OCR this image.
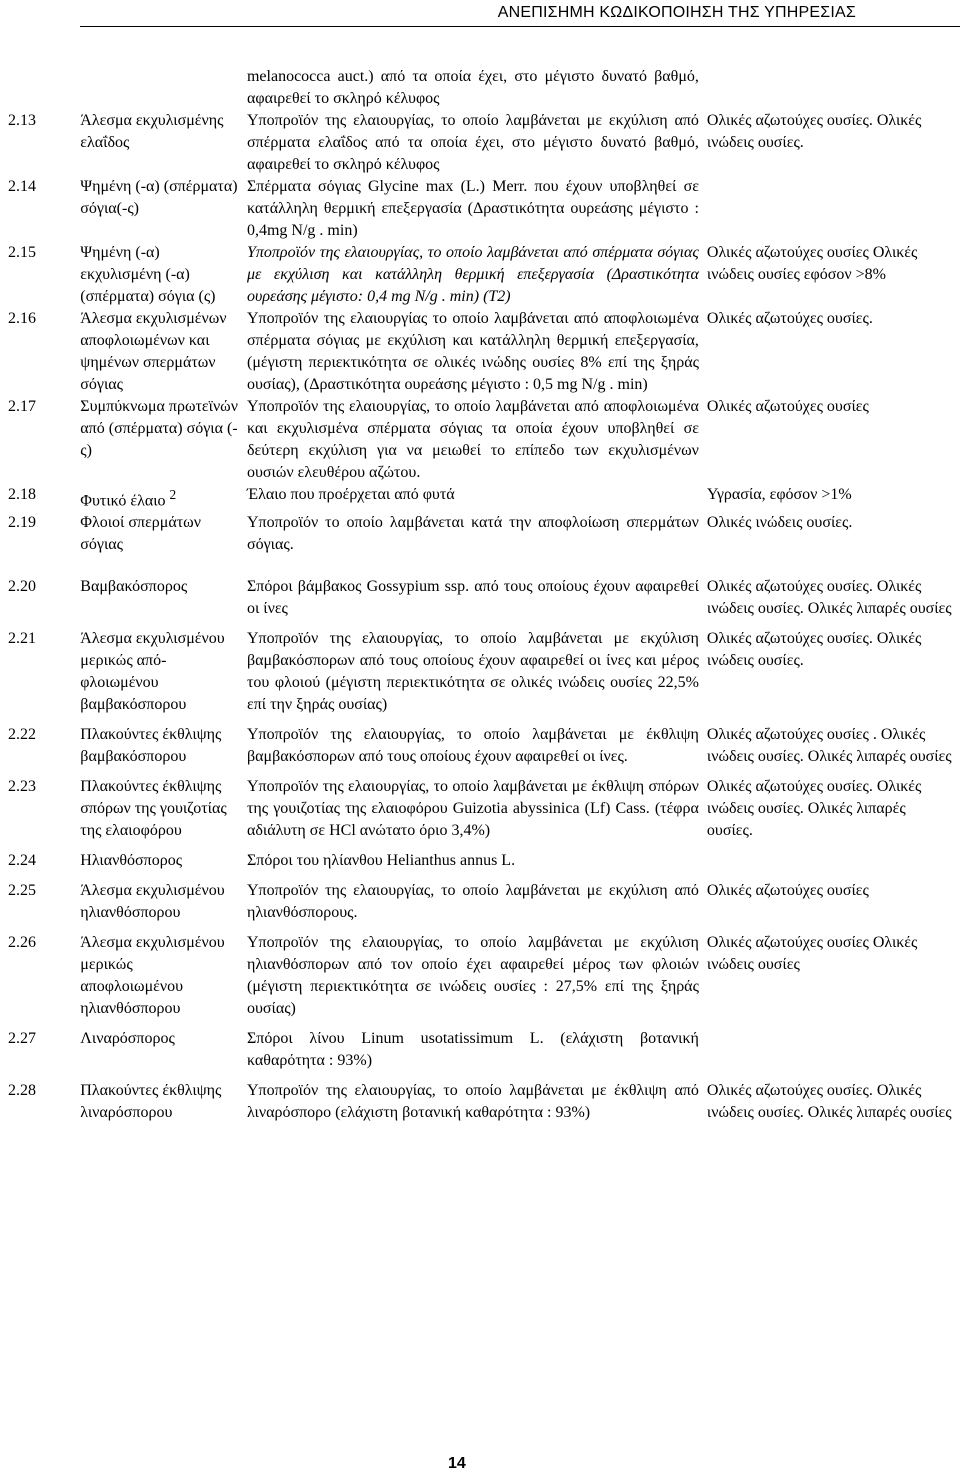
ΑΝΕΠΙΣΗΜΗ ΚΩΔΙΚΟΠΟΙΗΣΗ ΤΗΣ ΥΠΗΡΕΣΙΑΣ
		melanococca auct.) από τα οποία έχει, στο μέγιστο δυνατό βαθμό, αφαιρεθεί το σκληρό κέλυφος	
2.13	Άλεσμα εκχυλισμένης ελαΐδος	Υποπροϊόν της ελαιουργίας, το οποίο λαμβάνεται με εκχύλιση από σπέρματα ελαΐδος από τα οποία έχει, στο μέγιστο δυνατό βαθμό, αφαιρεθεί το σκληρό κέλυφος	Ολικές αζωτούχες ουσίες. Ολικές ινώδεις ουσίες.
2.14	Ψημένη (-α) (σπέρματα) σόγια(-ς)	Σπέρματα σόγιας Glycine max (L.) Merr. που έχουν υποβληθεί σε κατάλληλη θερμική επεξεργασία (Δραστικότητα ουρεάσης μέγιστο : 0,4mg N/g . min)	
2.15	Ψημένη (-α) εκχυλισμένη (-α) (σπέρματα) σόγια (ς)	Υποπροϊόν της ελαιουργίας, το οποίο λαμβάνεται από σπέρματα σόγιας με εκχύλιση και κατάλληλη θερμική επεξεργασία (Δραστικότητα ουρεάσης μέγιστο: 0,4 mg N/g . min) (Τ2)	Ολικές αζωτούχες ουσίες Ολικές ινώδεις ουσίες εφόσον >8%
2.16	Άλεσμα εκχυλισμένων αποφλοιωμένων και ψημένων σπερμάτων σόγιας	Υποπροϊόν της ελαιουργίας το οποίο λαμβάνεται από αποφλοιωμένα σπέρματα σόγιας με εκχύλιση και κατάλληλη θερμική επεξεργασία, (μέγιστη περιεκτικότητα σε ολικές ινώδης ουσίες 8% επί της ξηράς ουσίας), (Δραστικότητα ουρεάσης μέγιστο : 0,5 mg N/g . min)	Ολικές αζωτούχες ουσίες.
2.17	Συμπύκνωμα πρωτεϊνών από (σπέρματα) σόγια (-ς)	Υποπροϊόν της ελαιουργίας, το οποίο λαμβάνεται από αποφλοιωμένα και εκχυλισμένα σπέρματα σόγιας τα οποία έχουν υποβληθεί σε δεύτερη εκχύλιση για να μειωθεί το επίπεδο των εκχυλισμένων ουσιών ελευθέρου αζώτου.	Ολικές αζωτούχες ουσίες
2.18	Φυτικό έλαιο $^2$	Έλαιο που προέρχεται από φυτά	Υγρασία, εφόσον >1%
2.19	Φλοιοί σπερμάτων σόγιας	Υποπροϊόν το οποίο λαμβάνεται κατά την αποφλοίωση σπερμάτων σόγιας.	Ολικές ινώδεις ουσίες.

2.20	Βαμβακόσπορος	Σπόροι βάμβακος Gossypium ssp. από τους οποίους έχουν αφαιρεθεί οι ίνες	Ολικές αζωτούχες ουσίες. Ολικές ινώδεις ουσίες. Ολικές λιπαρές ουσίες
2.21	Άλεσμα εκχυλισμένου μερικώς από-φλοιωμένου βαμβακόσπορου	Υποπροϊόν της ελαιουργίας, το οποίο λαμβάνεται με εκχύλιση βαμβακόσπορων από τους οποίους έχουν αφαιρεθεί οι ίνες και μέρος του φλοιού (μέγιστη περιεκτικότητα σε ολικές ινώδεις ουσίες 22,5% επί την ξηράς ουσίας)	Ολικές αζωτούχες ουσίες. Ολικές ινώδεις ουσίες.
2.22	Πλακούντες έκθλιψης βαμβακόσπορου	Υποπροϊόν της ελαιουργίας, το οποίο λαμβάνεται με έκθλιψη βαμβακόσπορων από τους οποίους έχουν αφαιρεθεί οι ίνες.	Ολικές αζωτούχες ουσίες . Ολικές ινώδεις ουσίες. Ολικές λιπαρές ουσίες
2.23	Πλακούντες έκθλιψης σπόρων της γουιζοτίας της ελαιοφόρου	Υποπροϊόν της ελαιουργίας, το οποίο λαμβάνεται με έκθλιψη σπόρων της γουιζοτίας της ελαιοφόρου Guizotia abyssinica (Lf) Cass. (τέφρα αδιάλυτη σε HCl ανώτατο όριο 3,4%)	Ολικές αζωτούχες ουσίες. Ολικές ινώδεις ουσίες. Ολικές λιπαρές ουσίες.
2.24	Ηλιανθόσπορος	Σπόροι του ηλίανθου Helianthus annus L.	
2.25	Άλεσμα εκχυλισμένου ηλιανθόσπορου	Υποπροϊόν της ελαιουργίας, το οποίο λαμβάνεται με εκχύλιση από ηλιανθόσπορους.	Ολικές αζωτούχες ουσίες
2.26	Άλεσμα εκχυλισμένου μερικώς αποφλοιωμένου ηλιανθόσπορου	Υποπροϊόν της ελαιουργίας, το οποίο λαμβάνεται με εκχύλιση ηλιανθόσπορων από τον οποίο έχει αφαιρεθεί μέρος των φλοιών (μέγιστη περιεκτικότητα σε ινώδεις ουσίες : 27,5% επί της ξηράς ουσίας)	Ολικές αζωτούχες ουσίες Ολικές ινώδεις ουσίες
2.27	Λιναρόσπορος	Σπόροι λίνου Linum usotatissimum L. (ελάχιστη βοτανική καθαρότητα : 93%)	
2.28	Πλακούντες έκθλιψης λιναρόσπορου	Υποπροϊόν της ελαιουργίας, το οποίο λαμβάνεται με έκθλιψη από λιναρόσπορο (ελάχιστη βοτανική καθαρότητα : 93%)	Ολικές αζωτούχες ουσίες. Ολικές ινώδεις ουσίες. Ολικές λιπαρές ουσίες
14
